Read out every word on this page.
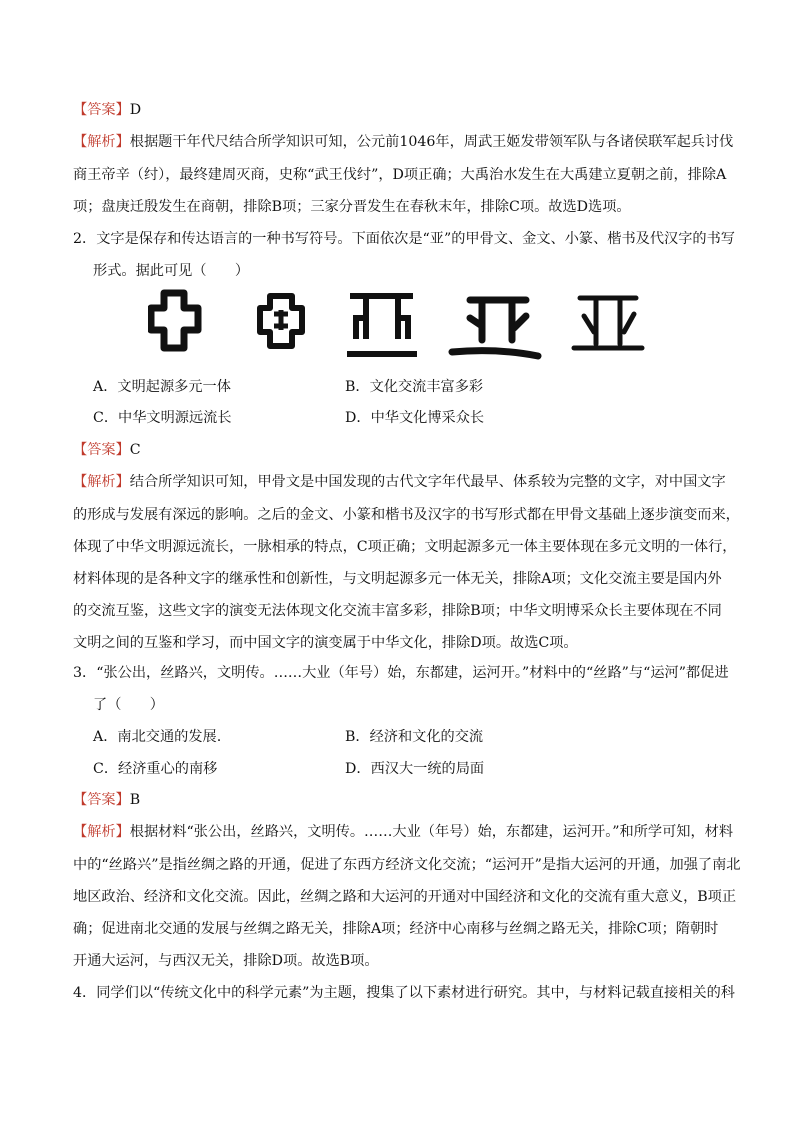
【答案】D
【解析】根据题干年代尺结合所学知识可知，公元前1046年，周武王姬发带领军队与各诸侯联军起兵讨伐
商王帝辛（纣），最终建周灭商，史称“武王伐纣”，D项正确；大禹治水发生在大禹建立夏朝之前，排除A
项；盘庚迁殷发生在商朝，排除B项；三家分晋发生在春秋末年，排除C项。故选D选项。
2．文字是保存和传达语言的一种书写符号。下面依次是“亚”的甲骨文、金文、小篆、楷书及代汉字的书写
形式。据此可见（　　）
A．文明起源多元一体	B．文化交流丰富多彩
C．中华文明源远流长	D．中华文化博采众长
【答案】C
【解析】结合所学知识可知，甲骨文是中国发现的古代文字年代最早、体系较为完整的文字，对中国文字
的形成与发展有深远的影响。之后的金文、小篆和楷书及汉字的书写形式都在甲骨文基础上逐步演变而来，
体现了中华文明源远流长，一脉相承的特点，C项正确；文明起源多元一体主要体现在多元文明的一体行，
材料体现的是各种文字的继承性和创新性，与文明起源多元一体无关，排除A项；文化交流主要是国内外
的交流互鉴，这些文字的演变无法体现文化交流丰富多彩，排除B项；中华文明博采众长主要体现在不同
文明之间的互鉴和学习，而中国文字的演变属于中华文化，排除D项。故选C项。
3．“张公出，丝路兴，文明传。……大业（年号）始，东都建，运河开。”材料中的“丝路”与“运河”都促进
了（　　）
A．南北交通的发展.	B．经济和文化的交流
C．经济重心的南移	D．西汉大一统的局面
【答案】B
【解析】根据材料“张公出，丝路兴，文明传。……大业（年号）始，东都建，运河开。”和所学可知，材料
中的“丝路兴”是指丝绸之路的开通，促进了东西方经济文化交流；“运河开”是指大运河的开通，加强了南北
地区政治、经济和文化交流。因此，丝绸之路和大运河的开通对中国经济和文化的交流有重大意义，B项正
确；促进南北交通的发展与丝绸之路无关，排除A项；经济中心南移与丝绸之路无关，排除C项；隋朝时
开通大运河，与西汉无关，排除D项。故选B项。
4．同学们以“传统文化中的科学元素”为主题，搜集了以下素材进行研究。其中，与材料记载直接相关的科
